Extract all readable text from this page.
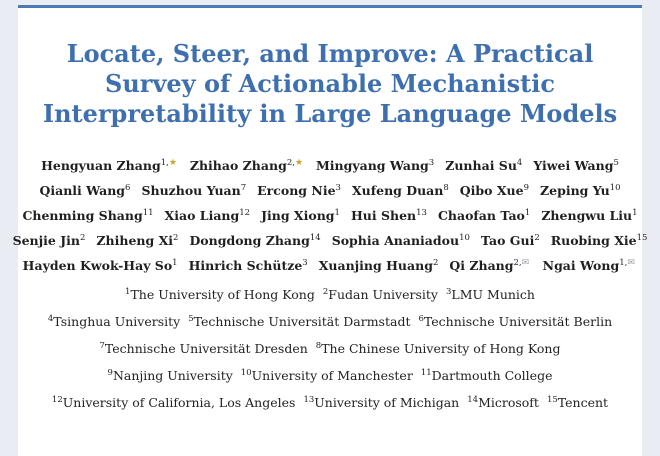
Locate, Steer, and Improve: A Practical
Survey of Actionable Mechanistic
Interpretability in Large Language Models
Hengyuan Zhang$^{1,}$★ Zhihao Zhang$^{2,}$★ Mingyang Wang$^3$ Zunhai Su$^4$ Yiwei Wang$^5$
Qianli Wang$^6$ Shuzhou Yuan$^7$ Ercong Nie$^3$ Xufeng Duan$^8$ Qibo Xue$^9$ Zeping Yu$^{10}$
Chenming Shang$^{11}$ Xiao Liang$^{12}$ Jing Xiong$^1$ Hui Shen$^{13}$ Chaofan Tao$^1$ Zhengwu Liu$^1$
Senjie Jin$^2$ Zhiheng Xi$^2$ Dongdong Zhang$^{14}$ Sophia Ananiadou$^{10}$ Tao Gui$^2$ Ruobing Xie$^{15}$
Hayden Kwok-Hay So$^1$ Hinrich Schütze$^3$ Xuanjing Huang$^2$ Qi Zhang$^{2,}$✉ Ngai Wong$^{1,}$✉
$^1$The University of Hong Kong $^2$Fudan University $^3$LMU Munich
$^4$Tsinghua University $^5$Technische Universität Darmstadt $^6$Technische Universität Berlin
$^7$Technische Universität Dresden $^8$The Chinese University of Hong Kong
$^9$Nanjing University $^{10}$University of Manchester $^{11}$Dartmouth College
$^{12}$University of California, Los Angeles $^{13}$University of Michigan $^{14}$Microsoft $^{15}$Tencent
